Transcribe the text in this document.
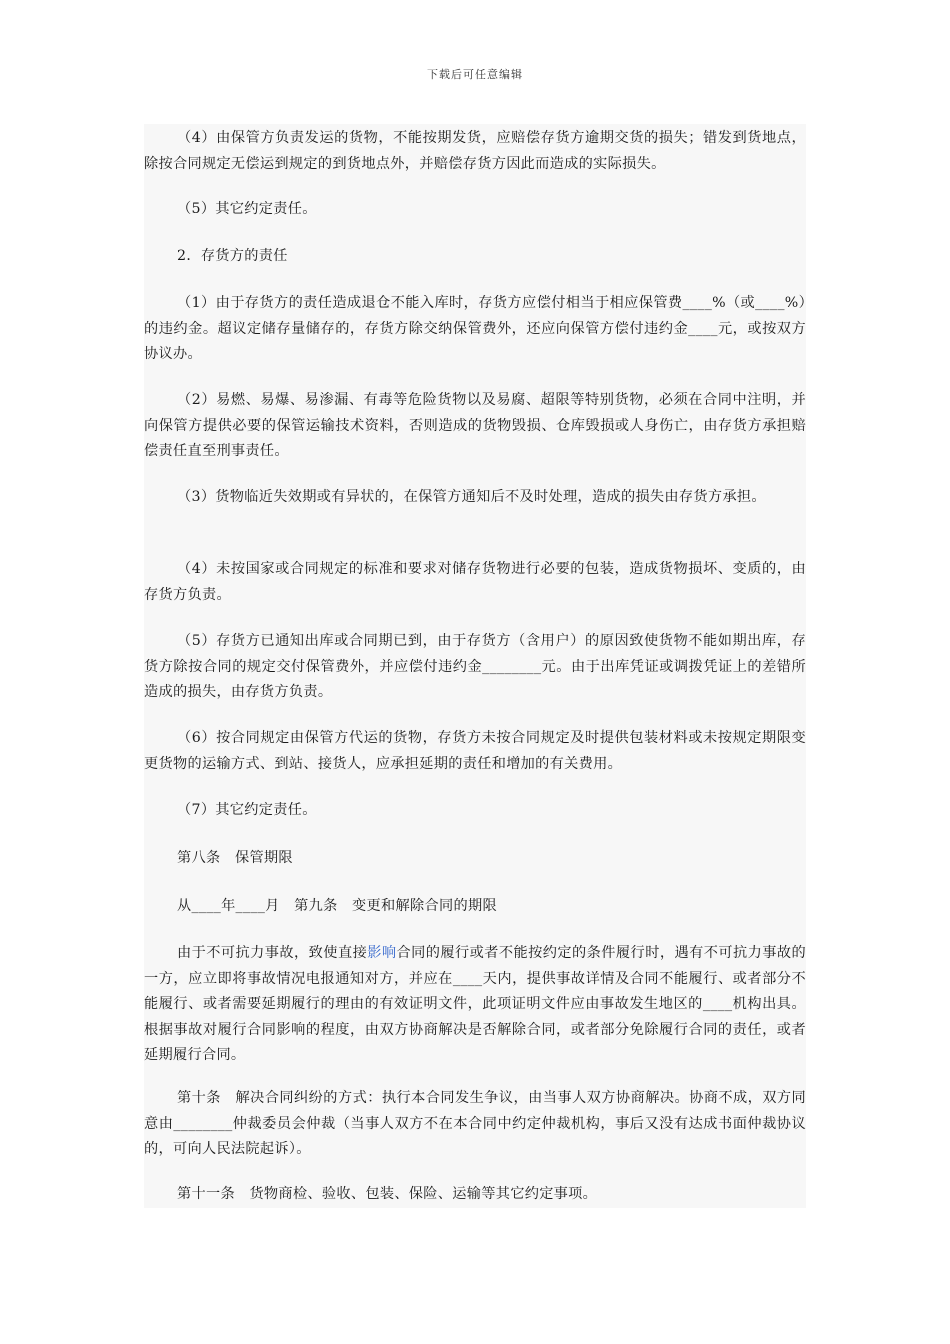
下载后可任意编辑

（4）由保管方负责发运的货物，不能按期发货，应赔偿存货方逾期交货的损失；错发到货地点，除按合同规定无偿运到规定的到货地点外，并赔偿存货方因此而造成的实际损失。

（5）其它约定责任。

2．存货方的责任

（1）由于存货方的责任造成退仓不能入库时，存货方应偿付相当于相应保管费____%（或____%）的违约金。超议定储存量储存的，存货方除交纳保管费外，还应向保管方偿付违约金____元，或按双方协议办。

（2）易燃、易爆、易渗漏、有毒等危险货物以及易腐、超限等特别货物，必须在合同中注明，并向保管方提供必要的保管运输技术资料，否则造成的货物毁损、仓库毁损或人身伤亡，由存货方承担赔偿责任直至刑事责任。

（3）货物临近失效期或有异状的，在保管方通知后不及时处理，造成的损失由存货方承担。

（4）未按国家或合同规定的标准和要求对储存货物进行必要的包装，造成货物损坏、变质的，由存货方负责。

（5）存货方已通知出库或合同期已到，由于存货方（含用户）的原因致使货物不能如期出库，存货方除按合同的规定交付保管费外，并应偿付违约金________元。由于出库凭证或调拨凭证上的差错所造成的损失，由存货方负责。

（6）按合同规定由保管方代运的货物，存货方未按合同规定及时提供包装材料或未按规定期限变更货物的运输方式、到站、接货人，应承担延期的责任和增加的有关费用。

（7）其它约定责任。

第八条　保管期限

从____年____月　第九条　变更和解除合同的期限

由于不可抗力事故，致使直接影响合同的履行或者不能按约定的条件履行时，遇有不可抗力事故的一方，应立即将事故情况电报通知对方，并应在____天内，提供事故详情及合同不能履行、或者部分不能履行、或者需要延期履行的理由的有效证明文件，此项证明文件应由事故发生地区的____机构出具。根据事故对履行合同影响的程度，由双方协商解决是否解除合同，或者部分免除履行合同的责任，或者延期履行合同。

第十条　解决合同纠纷的方式：执行本合同发生争议，由当事人双方协商解决。协商不成，双方同意由________仲裁委员会仲裁（当事人双方不在本合同中约定仲裁机构，事后又没有达成书面仲裁协议的，可向人民法院起诉）。

第十一条　货物商检、验收、包装、保险、运输等其它约定事项。
